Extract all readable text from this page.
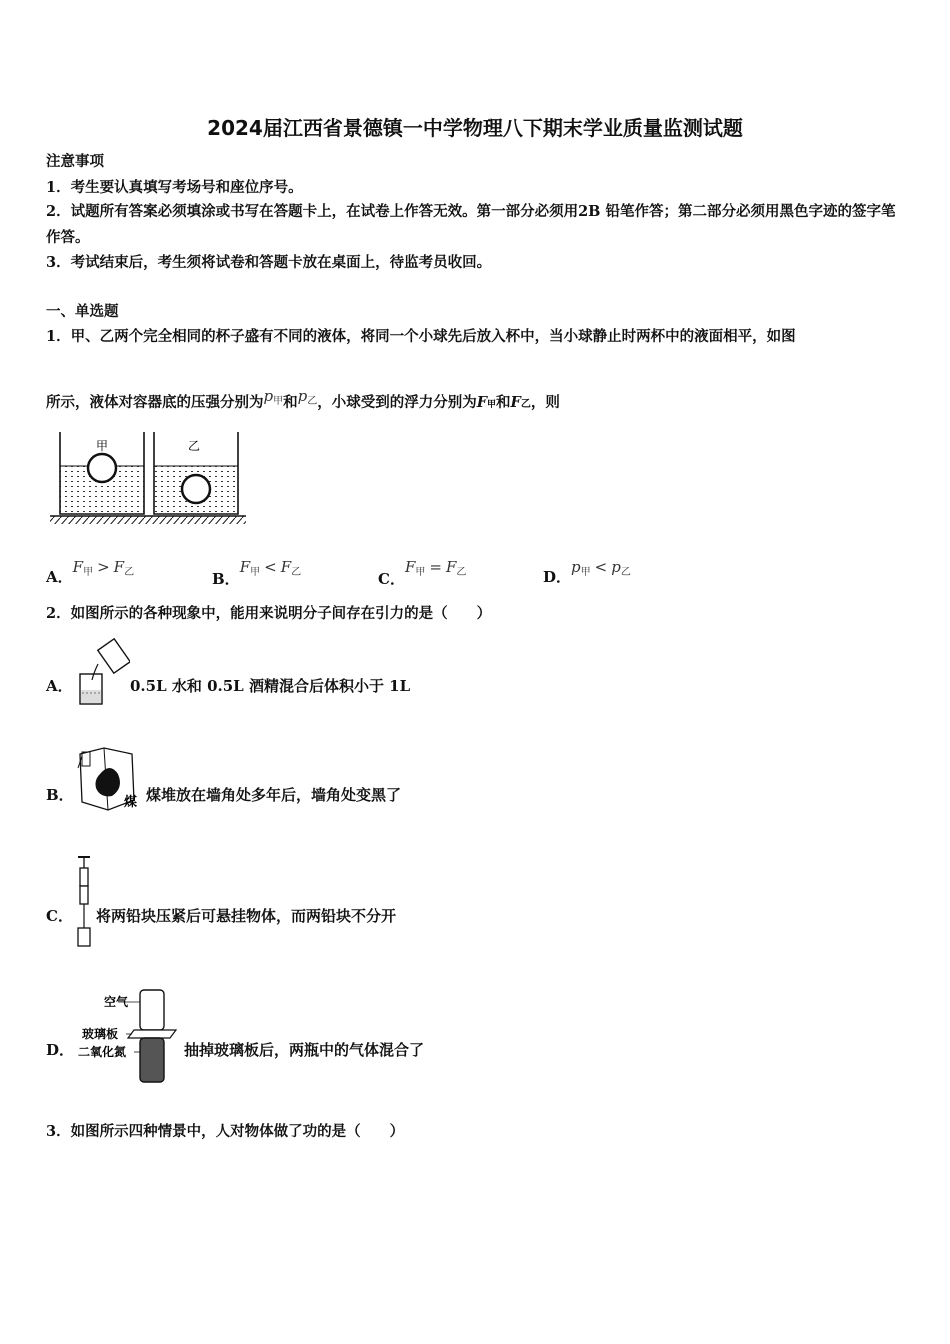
2024届江西省景德镇一中学物理八下期末学业质量监测试题
注意事项
1．考生要认真填写考场号和座位序号。
2．试题所有答案必须填涂或书写在答题卡上，在试卷上作答无效。第一部分必须用2B 铅笔作答；第二部分必须用黑色字迹的签字笔作答。
3．考试结束后，考生须将试卷和答题卡放在桌面上，待监考员收回。
一、单选题
1．甲、乙两个完全相同的杯子盛有不同的液体，将同一个小球先后放入杯中，当小球静止时两杯中的液面相平，如图
所示，液体对容器底的压强分别为$p_甲$和$p_乙$，小球受到的浮力分别为F甲和F乙，则
甲	乙
A．$F_甲 > F_乙$	B．$F_甲 < F_乙$	C．$F_甲 = F_乙$	D．$p_甲 < p_乙$
2．如图所示的各种现象中，能用来说明分子间存在引力的是（　　）
A．	0.5L 水和 0.5L 酒精混合后体积小于 1L
B．	煤 煤堆放在墙角处多年后，墙角处变黑了
C． 将两铅块压紧后可悬挂物体，而两铅块不分开
D．
空气
玻璃板
二氧化氮	抽掉玻璃板后，两瓶中的气体混合了
3．如图所示四种情景中，人对物体做了功的是（　　）
